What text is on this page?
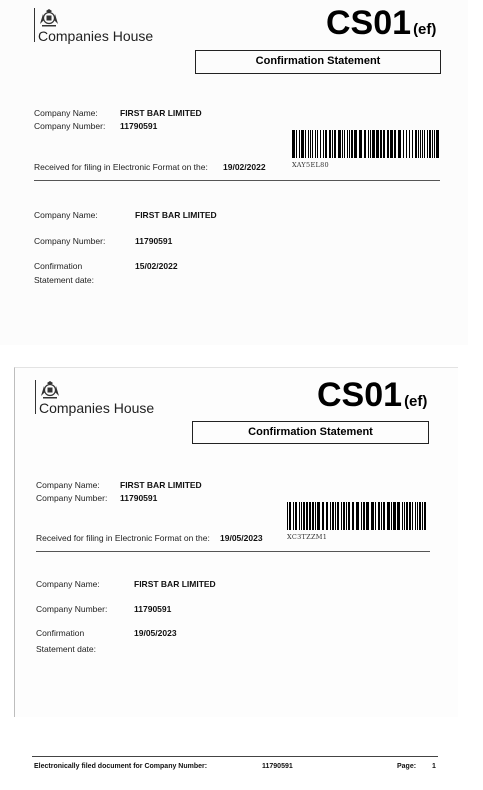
Companies House	CS01 (ef)
Confirmation Statement
Company Name:	FIRST BAR LIMITED
Company Number: 11790591
XAY5EL80
Received for filing in Electronic Format on the: 19/02/2022
Company Name:	FIRST BAR LIMITED
Company Number:	11790591
Confirmation
Statement date:
15/02/2022
Companies House	CS01 (ef)
Confirmation Statement
Company Name: FIRST BAR LIMITED
Company Number: 11790591
XC3TZZM1
Received for filing in Electronic Format on the: 19/05/2023
Company Name:	FIRST BAR LIMITED
Company Number:	11790591
Confirmation
Statement date:
19/05/2023
Electronically filed document for Company Number:	11790591	Page: 1
